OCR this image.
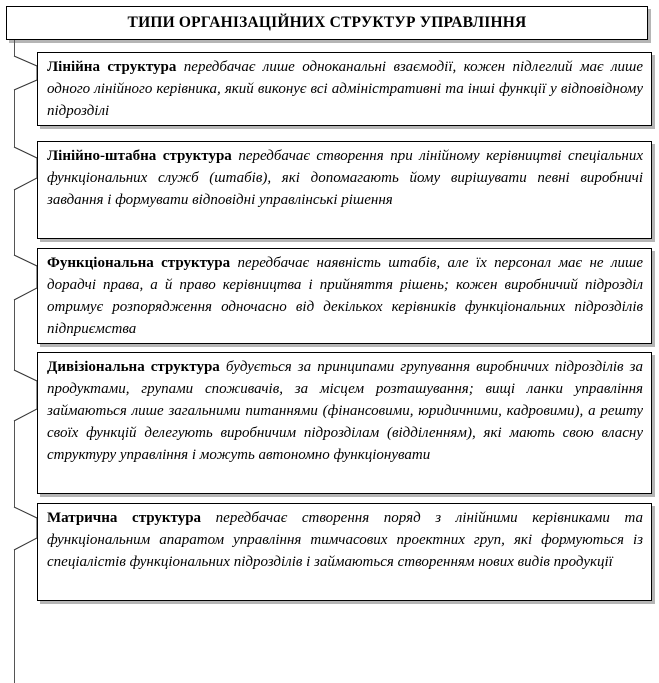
ТИПИ ОРГАНІЗАЦІЙНИХ СТРУКТУР УПРАВЛІННЯ
Лінійна структура передбачає лише одноканальні взаємодії, кожен підлеглий має лише одного лінійного керівника, який виконує всі адміністративні та інші функції у відповідному підрозділі
Лінійно-штабна структура передбачає створення при лінійному керівництві спеціальних функціональних служб (штабів), які допомагають йому вирішувати певні виробничі завдання і формувати відповідні управлінські рішення
Функціональна структура передбачає наявність штабів, але їх персонал має не лише дорадчі права, а й право керівництва і прийняття рішень; кожен виробничий підрозділ отримує розпорядження одночасно від декількох керівників функціональних підрозділів підприємства
Дивізіональна структура будується за принципами групування виробничих підрозділів за продуктами, групами споживачів, за місцем розташування; вищі ланки управління займаються лише загальними питаннями (фінансовими, юридичними, кадровими), а решту своїх функцій делегують виробничим підрозділам (відділенням), які мають свою власну структуру управління і можуть автономно функціонувати
Матрична структура передбачає створення поряд з лінійними керівниками та функціональним апаратом управління тимчасових проектних груп, які формуються із спеціалістів функціональних підрозділів і займаються створенням нових видів продукції
